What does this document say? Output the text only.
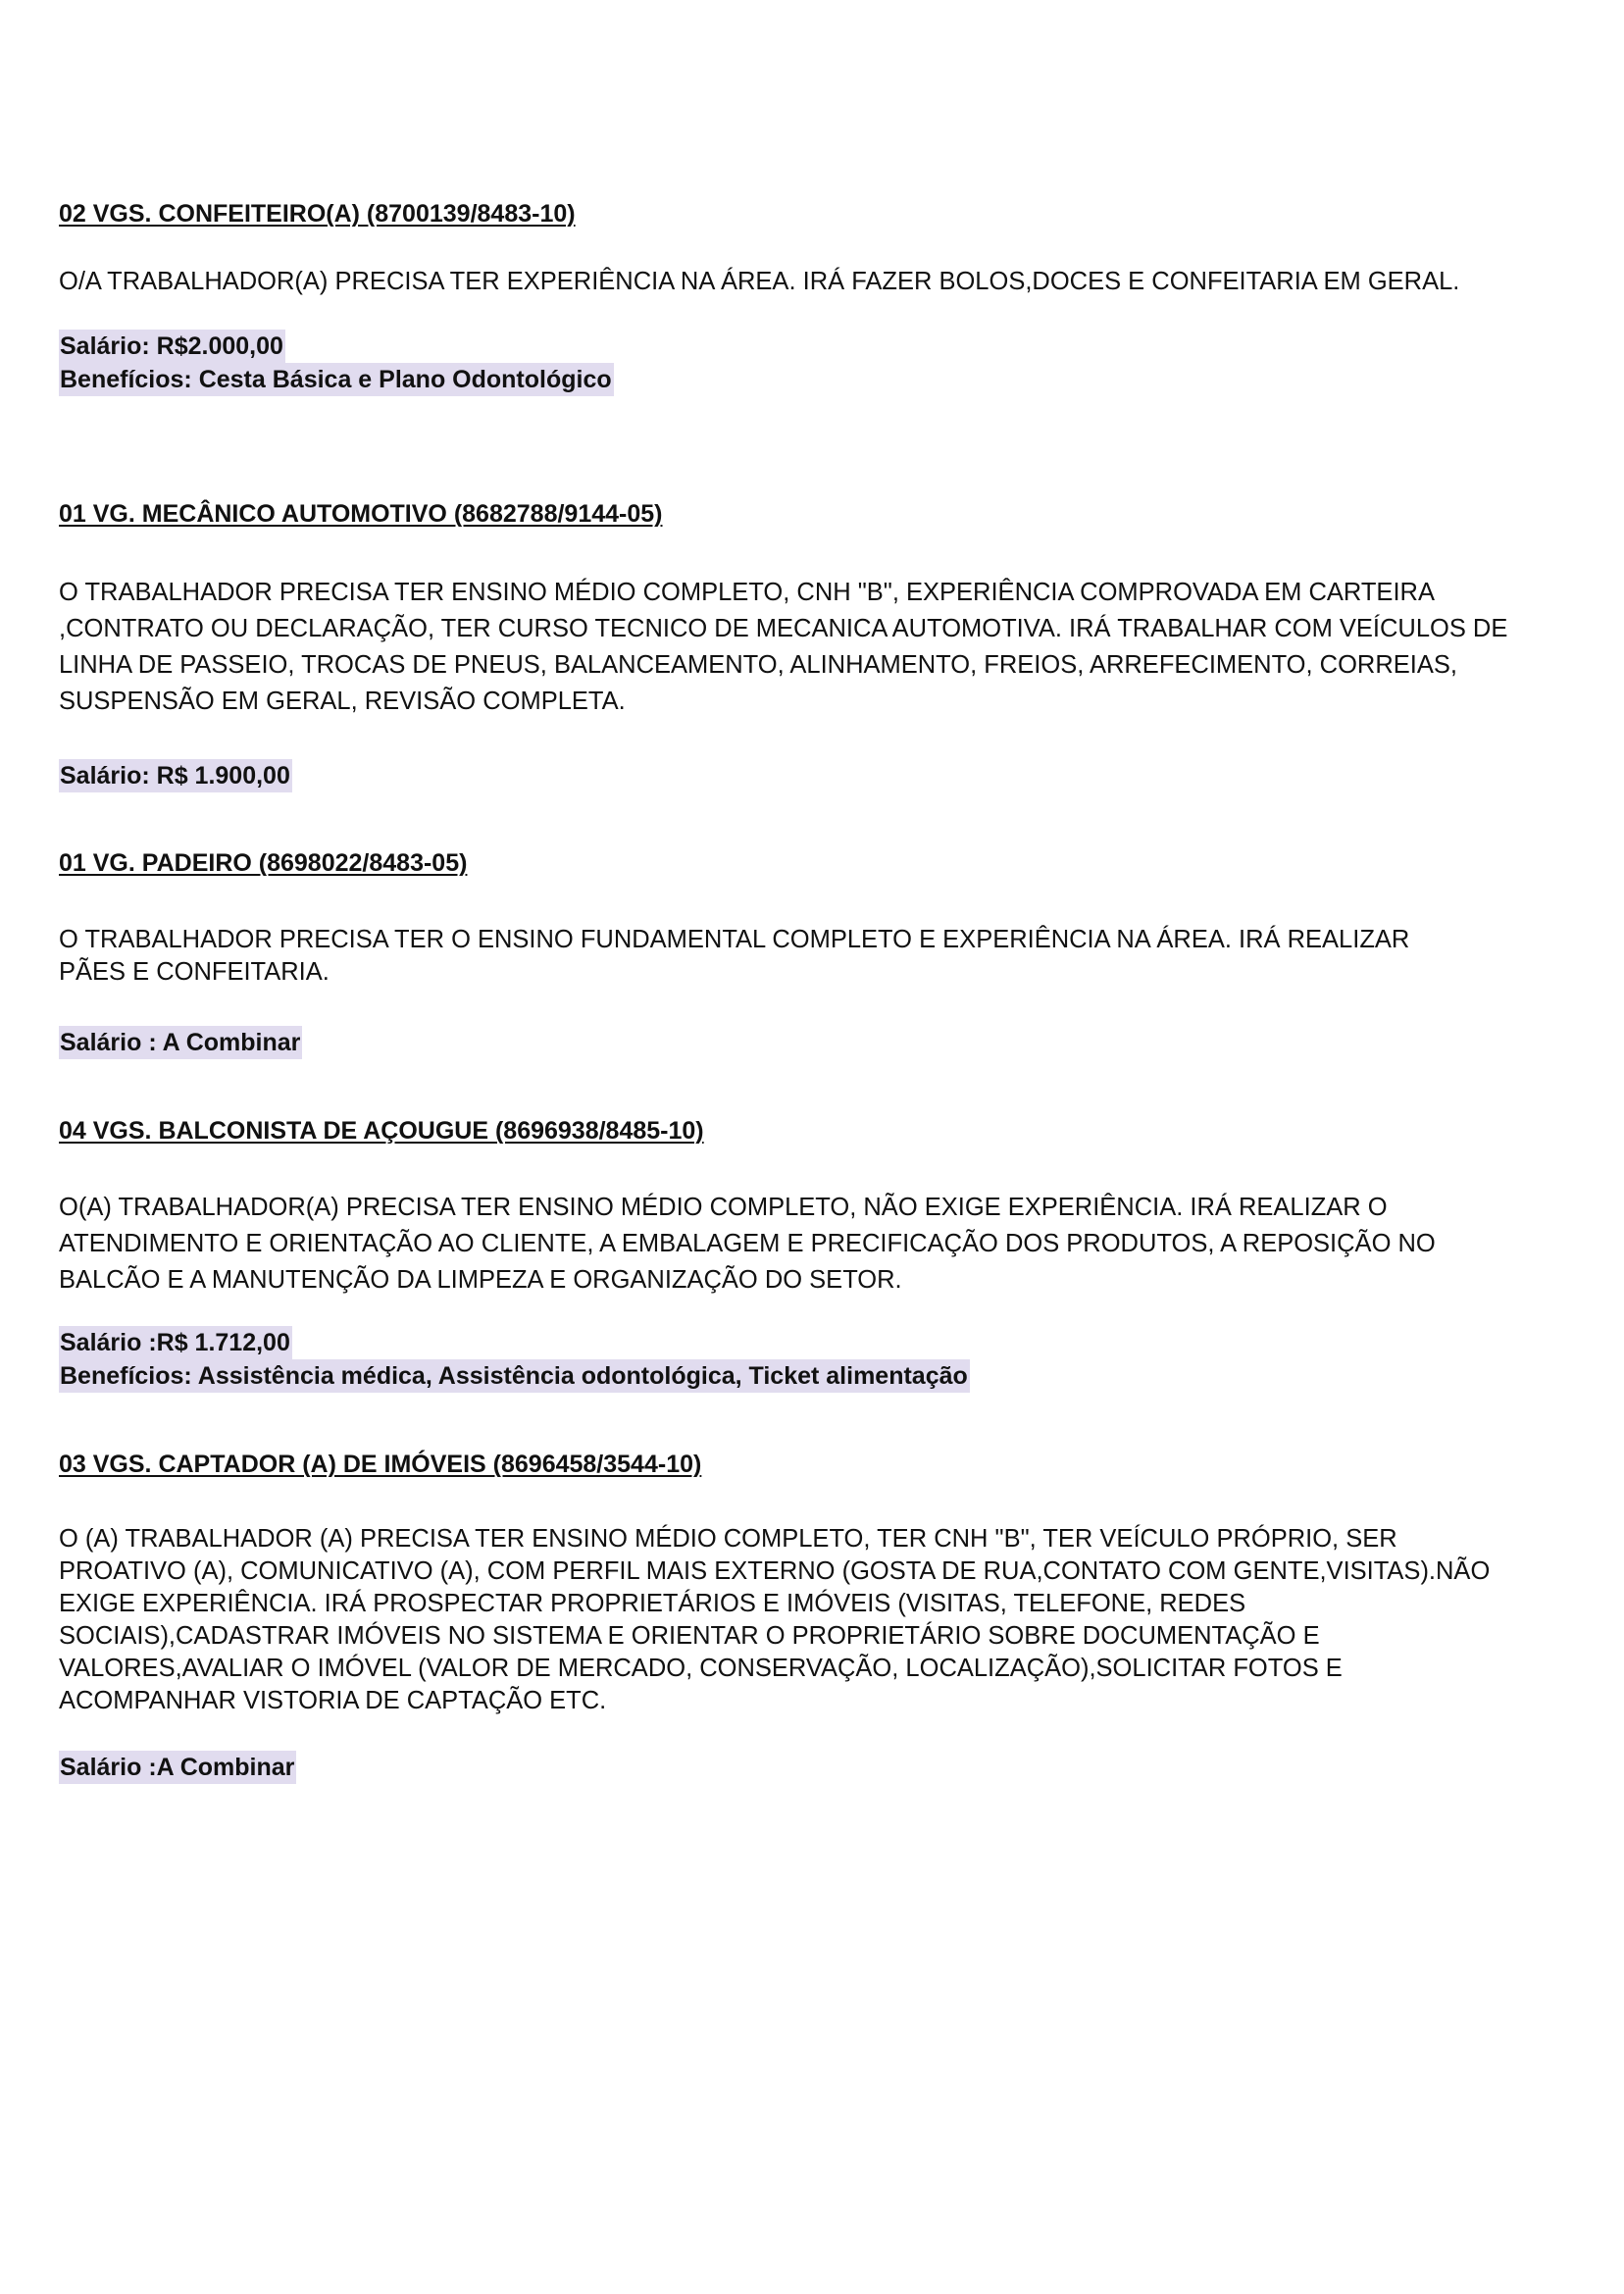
02 VGS. CONFEITEIRO(A) (8700139/8483-10)

O/A TRABALHADOR(A) PRECISA TER EXPERIÊNCIA NA ÁREA. IRÁ FAZER BOLOS,DOCES E CONFEITARIA EM GERAL.

Salário: R$2.000,00
Benefícios: Cesta Básica e Plano Odontológico

01 VG. MECÂNICO AUTOMOTIVO (8682788/9144-05)

O TRABALHADOR PRECISA TER ENSINO MÉDIO COMPLETO, CNH "B", EXPERIÊNCIA COMPROVADA EM CARTEIRA ,CONTRATO OU DECLARAÇÃO, TER CURSO TECNICO DE MECANICA AUTOMOTIVA. IRÁ TRABALHAR COM VEÍCULOS DE LINHA DE PASSEIO, TROCAS DE PNEUS, BALANCEAMENTO, ALINHAMENTO, FREIOS, ARREFECIMENTO, CORREIAS, SUSPENSÃO EM GERAL, REVISÃO COMPLETA.

Salário: R$ 1.900,00

01 VG. PADEIRO (8698022/8483-05)

O TRABALHADOR PRECISA TER O ENSINO FUNDAMENTAL COMPLETO E EXPERIÊNCIA NA ÁREA. IRÁ REALIZAR PÃES E CONFEITARIA.

Salário : A Combinar

04 VGS. BALCONISTA DE AÇOUGUE (8696938/8485-10)

O(A) TRABALHADOR(A) PRECISA TER ENSINO MÉDIO COMPLETO, NÃO EXIGE EXPERIÊNCIA. IRÁ REALIZAR O ATENDIMENTO E ORIENTAÇÃO AO CLIENTE, A EMBALAGEM E PRECIFICAÇÃO DOS PRODUTOS, A REPOSIÇÃO NO BALCÃO E A MANUTENÇÃO DA LIMPEZA E ORGANIZAÇÃO DO SETOR.

Salário :R$ 1.712,00
Benefícios: Assistência médica, Assistência odontológica, Ticket alimentação

03 VGS. CAPTADOR (A) DE IMÓVEIS (8696458/3544-10)

O (A) TRABALHADOR (A) PRECISA TER ENSINO MÉDIO COMPLETO, TER CNH "B", TER VEÍCULO PRÓPRIO, SER PROATIVO (A), COMUNICATIVO (A), COM PERFIL MAIS EXTERNO (GOSTA DE RUA,CONTATO COM GENTE,VISITAS).NÃO EXIGE EXPERIÊNCIA. IRÁ PROSPECTAR PROPRIETÁRIOS E IMÓVEIS (VISITAS, TELEFONE, REDES SOCIAIS),CADASTRAR IMÓVEIS NO SISTEMA E ORIENTAR O PROPRIETÁRIO SOBRE DOCUMENTAÇÃO E VALORES,AVALIAR O IMÓVEL (VALOR DE MERCADO, CONSERVAÇÃO, LOCALIZAÇÃO),SOLICITAR FOTOS E ACOMPANHAR VISTORIA DE CAPTAÇÃO ETC.

Salário :A Combinar
